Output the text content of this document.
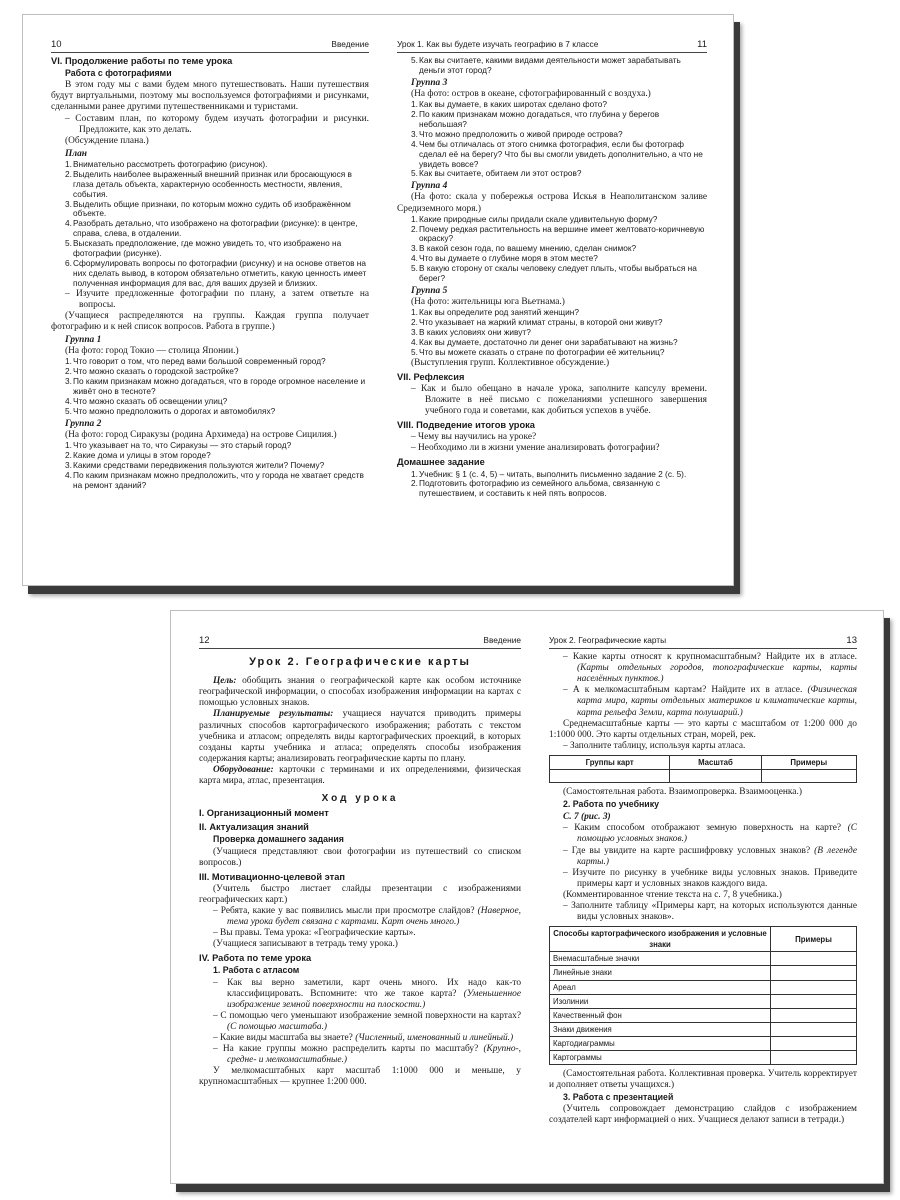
10	Введение
VI. Продолжение работы по теме урока
Работа с фотографиями

В этом году мы с вами будем много путешествовать. Наши путешествия будут виртуальными, поэтому мы воспользуемся фотографиями и рисунками, сделанными ранее другими путешественниками и туристами.

– Составим план, по которому будем изучать фотографии и рисунки. Предложите, как это делать.

(Обсуждение плана.)

План
1. Внимательно рассмотреть фотографию (рисунок).
2. Выделить наиболее выраженный внешний признак или бросающуюся в глаза деталь объекта, характерную особенность местности, явления, события.
3. Выделить общие признаки, по которым можно судить об изображённом объекте.
4. Разобрать детально, что изображено на фотографии (рисунке): в центре, справа, слева, в отдалении.
5. Высказать предположение, где можно увидеть то, что изображено на фотографии (рисунке).
6. Сформулировать вопросы по фотографии (рисунку) и на основе ответов на них сделать вывод, в котором обязательно отметить, какую ценность имеет полученная информация для вас, для ваших друзей и близких.

– Изучите предложенные фотографии по плану, а затем ответьте на вопросы.

(Учащиеся распределяются на группы. Каждая группа получает фотографию и к ней список вопросов. Работа в группе.)

Группа 1

(На фото: город Токио — столица Японии.)

1. Что говорит о том, что перед вами большой современный город?
2. Что можно сказать о городской застройке?
3. По каким признакам можно догадаться, что в городе огромное население и живёт оно в тесноте?
4. Что можно сказать об освещении улиц?
5. Что можно предположить о дорогах и автомобилях?
Группа 2

(На фото: город Сиракузы (родина Архимеда) на острове Сицилия.)

1. Что указывает на то, что Сиракузы — это старый город?
2. Какие дома и улицы в этом городе?
3. Какими средствами передвижения пользуются жители? Почему?
4. По каким признакам можно предположить, что у города не хватает средств на ремонт зданий?
Урок 1. Как вы будете изучать географию в 7 классе	11
5. Как вы считаете, какими видами деятельности может зарабатывать деньги этот город?
Группа 3

(На фото: остров в океане, сфотографированный с воздуха.)

1. Как вы думаете, в каких широтах сделано фото?
2. По каким признакам можно догадаться, что глубина у берегов небольшая?
3. Что можно предположить о живой природе острова?
4. Чем бы отличалась от этого снимка фотография, если бы фотограф сделал её на берегу? Что бы вы смогли увидеть дополнительно, а что не увидеть вовсе?
5. Как вы считаете, обитаем ли этот остров?
Группа 4

(На фото: скала у побережья острова Искья в Неаполитанском заливе Средиземного моря.)

1. Какие природные силы придали скале удивительную форму?
2. Почему редкая растительность на вершине имеет желтовато-коричневую окраску?
3. В какой сезон года, по вашему мнению, сделан снимок?
4. Что вы думаете о глубине моря в этом месте?
5. В какую сторону от скалы человеку следует плыть, чтобы выбраться на берег?
Группа 5

(На фото: жительницы юга Вьетнама.)

1. Как вы определите род занятий женщин?
2. Что указывает на жаркий климат страны, в которой они живут?
3. В каких условиях они живут?
4. Как вы думаете, достаточно ли денег они зарабатывают на жизнь?
5. Что вы можете сказать о стране по фотографии её жительниц?

(Выступления групп. Коллективное обсуждение.)

VII. Рефлексия

– Как и было обещано в начале урока, заполните капсулу времени. Вложите в неё письмо с пожеланиями успешного завершения учебного года и советами, как добиться успехов в учёбе.

VIII. Подведение итогов урока

– Чему вы научились на уроке?

– Необходимо ли в жизни умение анализировать фотографии?

Домашнее задание
1. Учебник: § 1 (с. 4, 5) – читать, выполнить письменно задание 2 (с. 5).
2. Подготовить фотографию из семейного альбома, связанную с путешествием, и составить к ней пять вопросов.
12	Введение
Урок 2. Географические карты

Цель: обобщить знания о географической карте как особом источнике географической информации, о способах изображения информации на картах с помощью условных знаков.

Планируемые результаты: учащиеся научатся приводить примеры различных способов картографического изображения; работать с текстом учебника и атласом; определять виды картографических проекций, в которых созданы карты учебника и атласа; определять способы изображения содержания карты; анализировать географические карты по плану.

Оборудование: карточки с терминами и их определениями, физическая карта мира, атлас, презентация.

Ход урока
I. Организационный момент
II. Актуализация знаний
Проверка домашнего задания

(Учащиеся представляют свои фотографии из путешествий со списком вопросов.)

III. Мотивационно-целевой этап

(Учитель быстро листает слайды презентации с изображениями географических карт.)

– Ребята, какие у вас появились мысли при просмотре слайдов? (Наверное, тема урока будет связана с картами. Карт очень много.)

– Вы правы. Тема урока: «Географические карты».

(Учащиеся записывают в тетрадь тему урока.)

IV. Работа по теме урока
1. Работа с атласом

– Как вы верно заметили, карт очень много. Их надо как-то классифицировать. Вспомните: что же такое карта? (Уменьшенное изображение земной поверхности на плоскости.)

– С помощью чего уменьшают изображение земной поверхности на картах? (С помощью масштаба.)

– Какие виды масштаба вы знаете? (Численный, именованный и линейный.)

– На какие группы можно распределить карты по масштабу? (Крупно-, средне- и мелкомасштабные.)

У мелкомасштабных карт масштаб 1:1000 000 и меньше, у крупномасштабных — крупнее 1:200 000.

Урок 2. Географические карты	13

– Какие карты относят к крупномасштабным? Найдите их в атласе. (Карты отдельных городов, топографические карты, карты населённых пунктов.)

– А к мелкомасштабным картам? Найдите их в атласе. (Физическая карта мира, карты отдельных материков и климатические карты, карта рельефа Земли, карта полушарий.)

Среднемасштабные карты — это карты с масштабом от 1:200 000 до 1:1000 000. Это карты отдельных стран, морей, рек.

– Заполните таблицу, используя карты атласа.

Группы карт	Масштаб	Примеры

(Самостоятельная работа. Взаимопроверка. Взаимооценка.)

2. Работа по учебнику
С. 7 (рис. 3)

– Каким способом отображают земную поверхность на карте? (С помощью условных знаков.)

– Где вы увидите на карте расшифровку условных знаков? (В легенде карты.)

– Изучите по рисунку в учебнике виды условных знаков. Приведите примеры карт и условных знаков каждого вида.

(Комментированное чтение текста на с. 7, 8 учебника.)

– Заполните таблицу «Примеры карт, на которых используются данные виды условных знаков».

Способы картографического изображения и условные знаки	Примеры
Внемасштабные значки	
Линейные знаки	
Ареал	
Изолинии	
Качественный фон	
Знаки движения	
Картодиаграммы	
Картограммы	

(Самостоятельная работа. Коллективная проверка. Учитель корректирует и дополняет ответы учащихся.)

3. Работа с презентацией

(Учитель сопровождает демонстрацию слайдов с изображением создателей карт информацией о них. Учащиеся делают записи в тетради.)
